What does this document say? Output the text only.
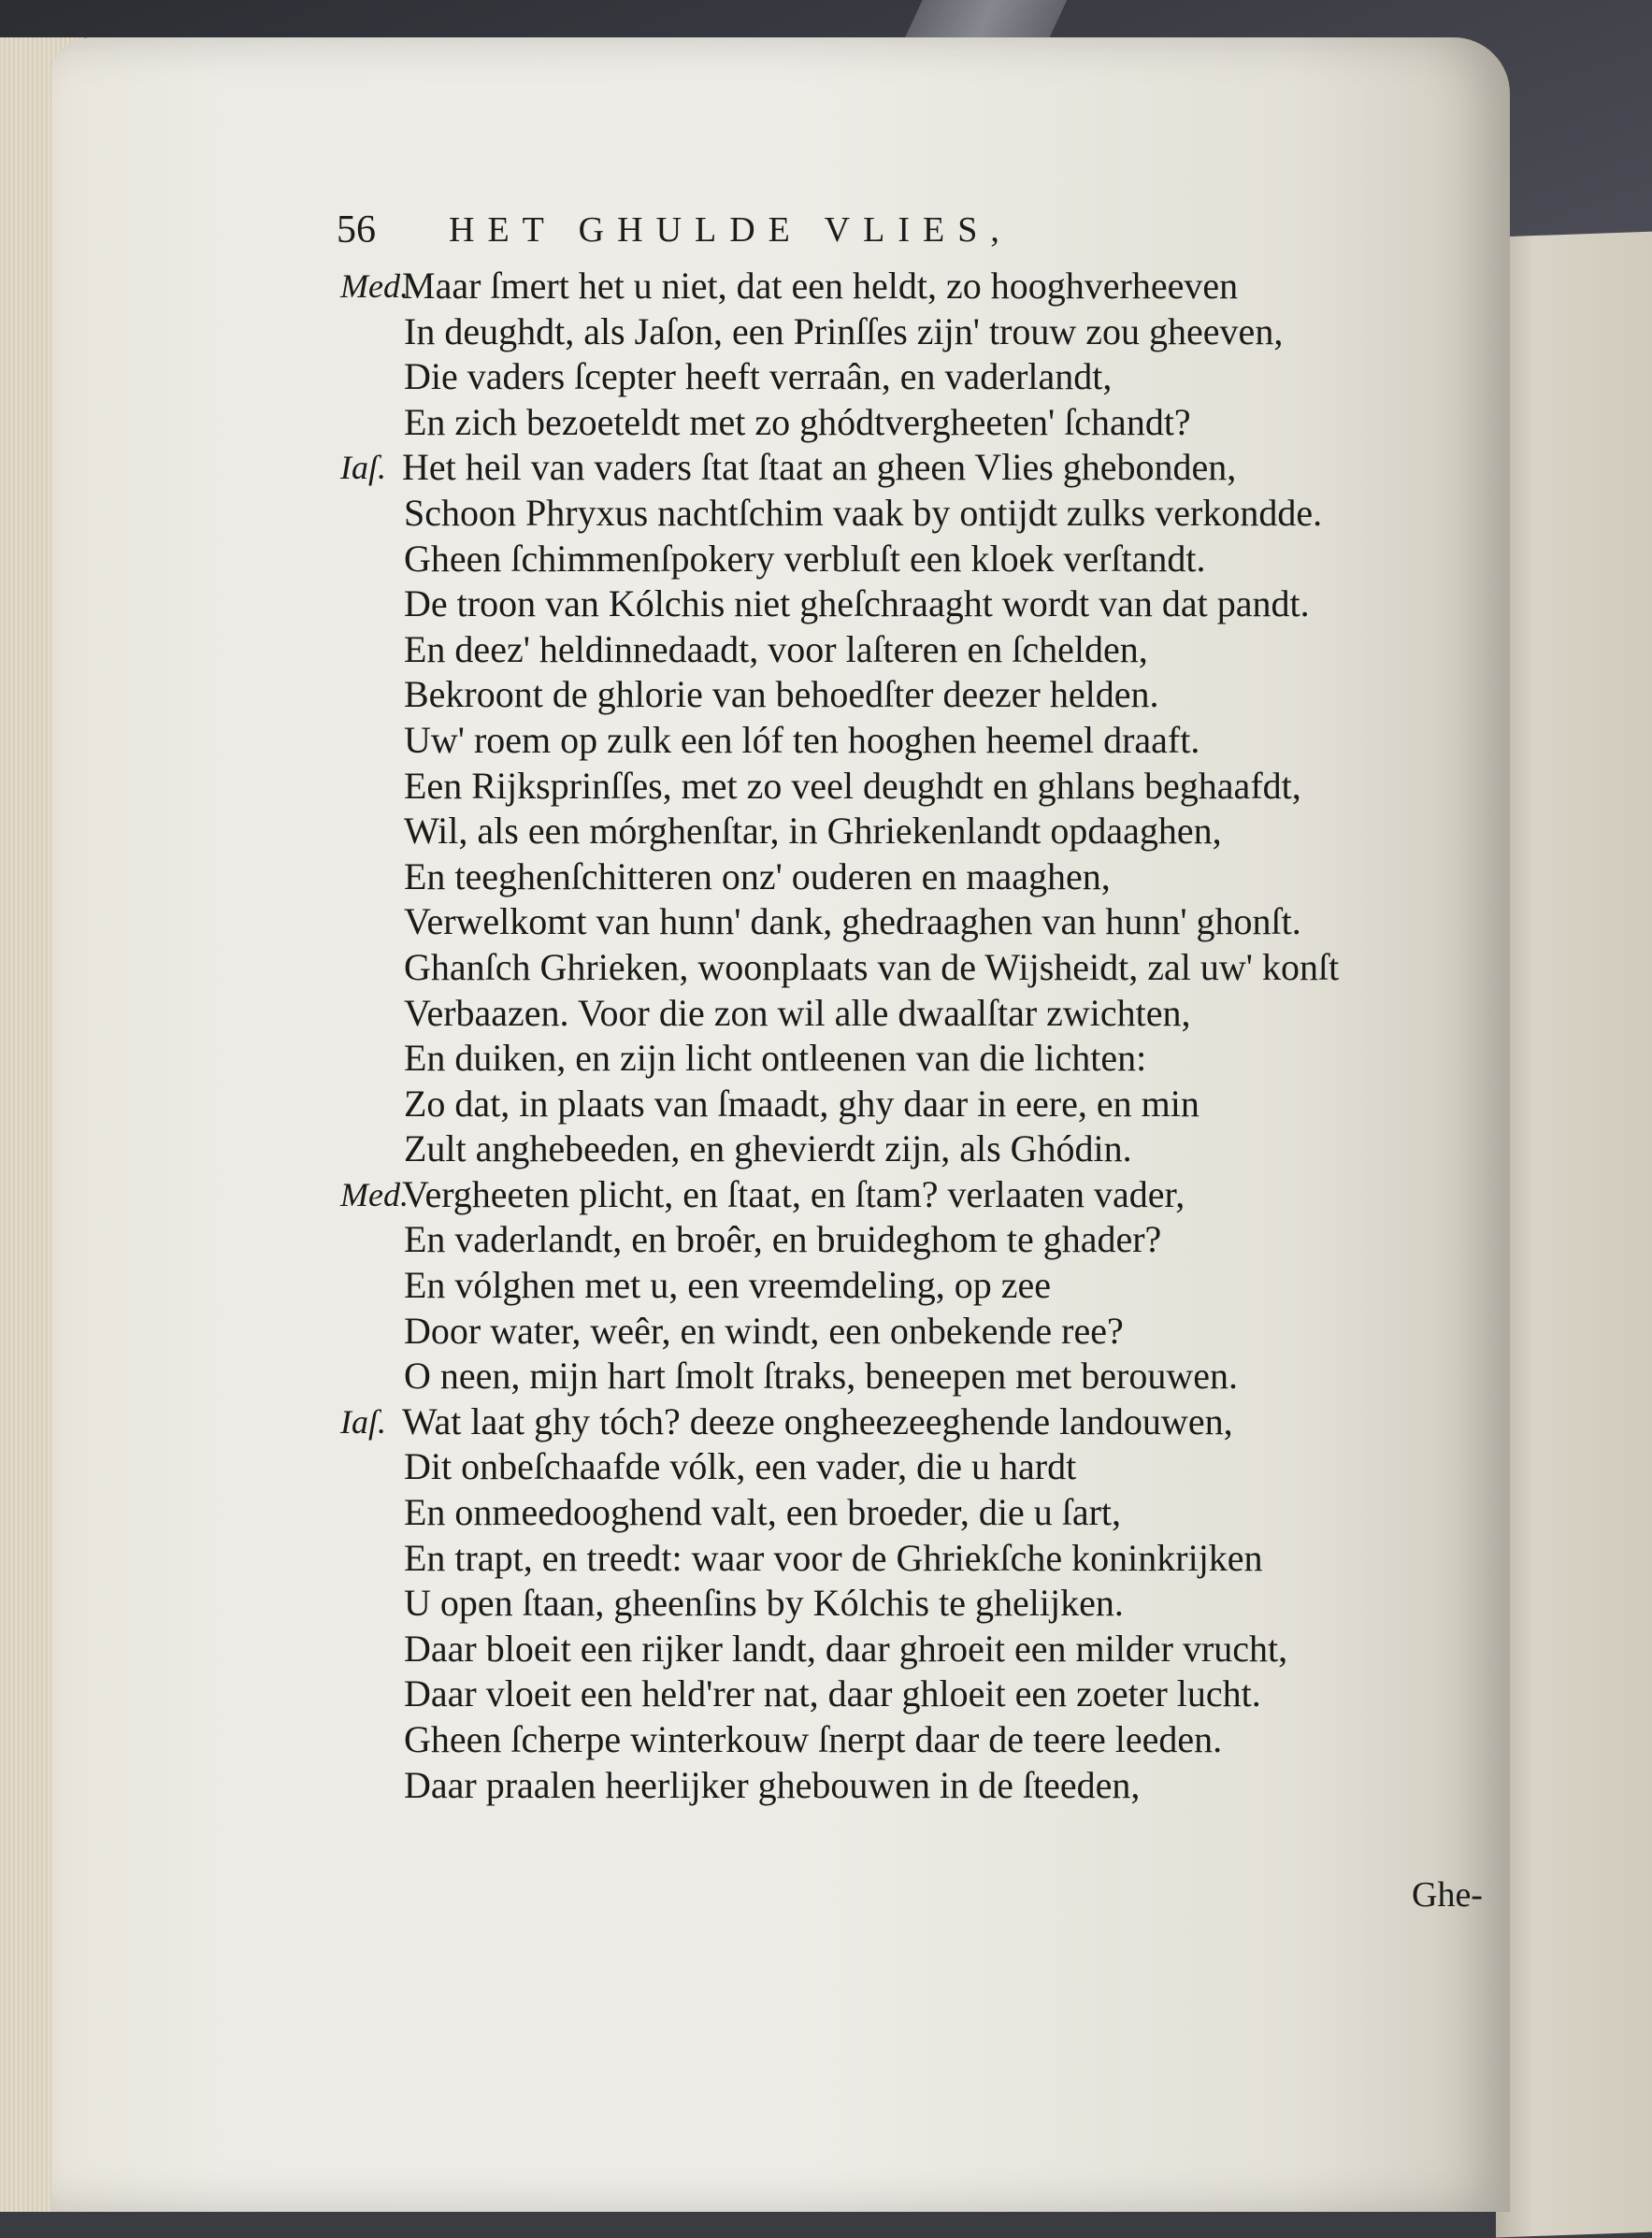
56 HET GHULDE VLIES,
Med.
Maar ſmert het u niet, dat een heldt, zo hooghverheeven
In deughdt, als Jaſon, een Prinſſes zijn' trouw zou gheeven,
Die vaders ſcepter heeft verraân, en vaderlandt,
En zich bezoeteldt met zo ghódtvergheeten' ſchandt?
Iaſ. Het heil van vaders ſtat ſtaat an gheen Vlies ghebonden,
Schoon Phryxus nachtſchim vaak by ontijdt zulks verkondde.
Gheen ſchimmenſpokery verbluſt een kloek verſtandt.
De troon van Kólchis niet gheſchraaght wordt van dat pandt.
En deez' heldinnedaadt, voor laſteren en ſchelden,
Bekroont de ghlorie van behoedſter deezer helden.
Uw' roem op zulk een lóf ten hooghen heemel draaft.
Een Rijksprinſſes, met zo veel deughdt en ghlans beghaafdt,
Wil, als een mórghenſtar, in Ghriekenlandt opdaaghen,
En teeghenſchitteren onz' ouderen en maaghen,
Verwelkomt van hunn' dank, ghedraaghen van hunn' ghonſt.
Ghanſch Ghrieken, woonplaats van de Wijsheidt, zal uw' konſt
Verbaazen. Voor die zon wil alle dwaalſtar zwichten,
En duiken, en zijn licht ontleenen van die lichten:
Zo dat, in plaats van ſmaadt, ghy daar in eere, en min
Zult anghebeeden, en ghevierdt zijn, als Ghódin.
Med.
Vergheeten plicht, en ſtaat, en ſtam? verlaaten vader,
En vaderlandt, en broêr, en bruideghom te ghader?
En vólghen met u, een vreemdeling, op zee
Door water, weêr, en windt, een onbekende ree?
O neen, mijn hart ſmolt ſtraks, beneepen met berouwen.
Iaſ. Wat laat ghy tóch? deeze ongheezeeghende landouwen,
Dit onbeſchaafde vólk, een vader, die u hardt
En onmeedooghend valt, een broeder, die u ſart,
En trapt, en treedt: waar voor de Ghriekſche koninkrijken
U open ſtaan, gheenſins by Kólchis te ghelijken.
Daar bloeit een rijker landt, daar ghroeit een milder vrucht,
Daar vloeit een held'rer nat, daar ghloeit een zoeter lucht.
Gheen ſcherpe winterkouw ſnerpt daar de teere leeden.
Daar praalen heerlijker ghebouwen in de ſteeden,
Ghe-
